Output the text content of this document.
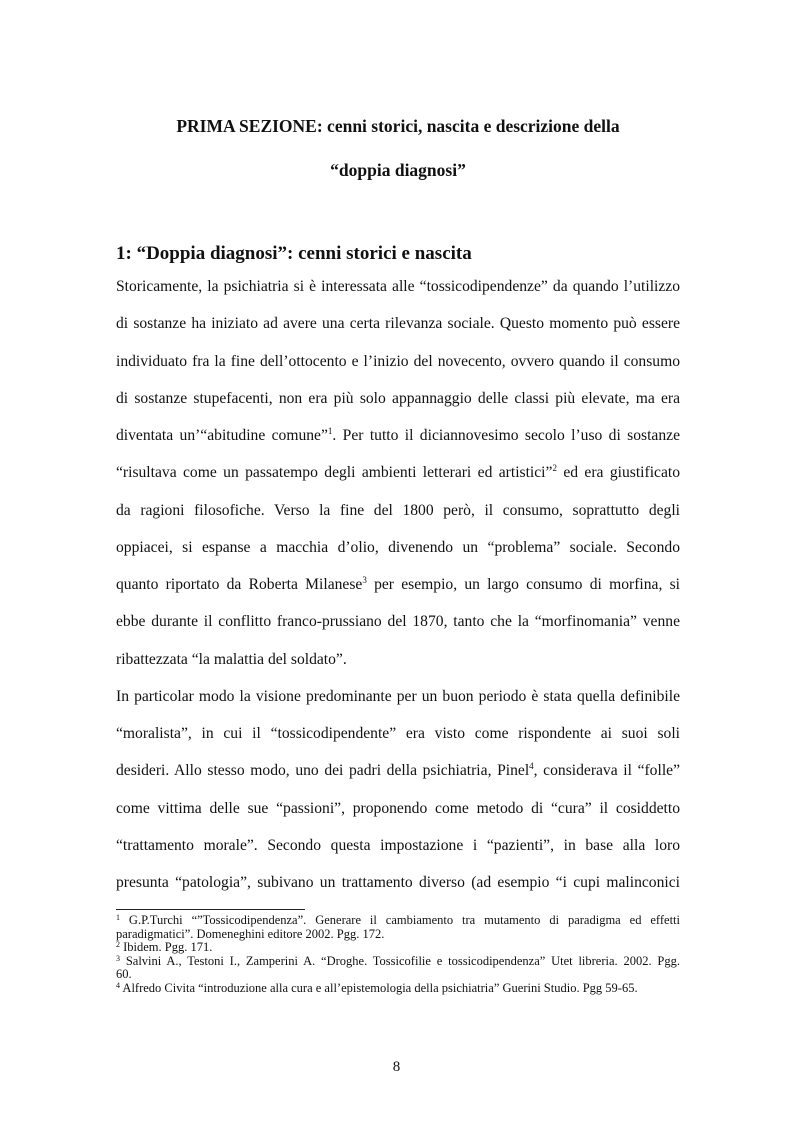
PRIMA SEZIONE: cenni storici, nascita e descrizione della
“doppia diagnosi”
1: “Doppia diagnosi”: cenni storici e nascita
Storicamente, la psichiatria si è interessata alle “tossicodipendenze” da quando l’utilizzo
di sostanze ha iniziato ad avere una certa rilevanza sociale. Questo momento può essere
individuato fra la fine dell’ottocento e l’inizio del novecento, ovvero quando il consumo
di sostanze stupefacenti, non era più solo appannaggio delle classi più elevate, ma era
diventata un’“abitudine comune”$^1$. Per tutto il diciannovesimo secolo l’uso di sostanze
“risultava come un passatempo degli ambienti letterari ed artistici”$^2$ ed era giustificato
da ragioni filosofiche. Verso la fine del 1800 però, il consumo, soprattutto degli
oppiacei, si espanse a macchia d’olio, divenendo un “problema” sociale. Secondo
quanto riportato da Roberta Milanese$^3$ per esempio, un largo consumo di morfina, si
ebbe durante il conflitto franco-prussiano del 1870, tanto che la “morfinomania” venne
ribattezzata “la malattia del soldato”.
In particolar modo la visione predominante per un buon periodo è stata quella definibile
“moralista”, in cui il “tossicodipendente” era visto come rispondente ai suoi soli
desideri. Allo stesso modo, uno dei padri della psichiatria, Pinel$^4$, considerava il “folle”
come vittima delle sue “passioni”, proponendo come metodo di “cura” il cosiddetto
“trattamento morale”. Secondo questa impostazione i “pazienti”, in base alla loro
presunta “patologia”, subivano un trattamento diverso (ad esempio “i cupi malinconici
$^1$ G.P.Turchi “”Tossicodipendenza”. Generare il cambiamento tra mutamento di paradigma ed effetti
paradigmatici”. Domeneghini editore 2002. Pgg. 172.
$^2$ Ibidem. Pgg. 171.
$^3$ Salvini A., Testoni I., Zamperini A. “Droghe. Tossicofilie e tossicodipendenza” Utet libreria. 2002. Pgg.
60.
$^4$ Alfredo Civita “introduzione alla cura e all’epistemologia della psichiatria” Guerini Studio. Pgg 59-65.
8
